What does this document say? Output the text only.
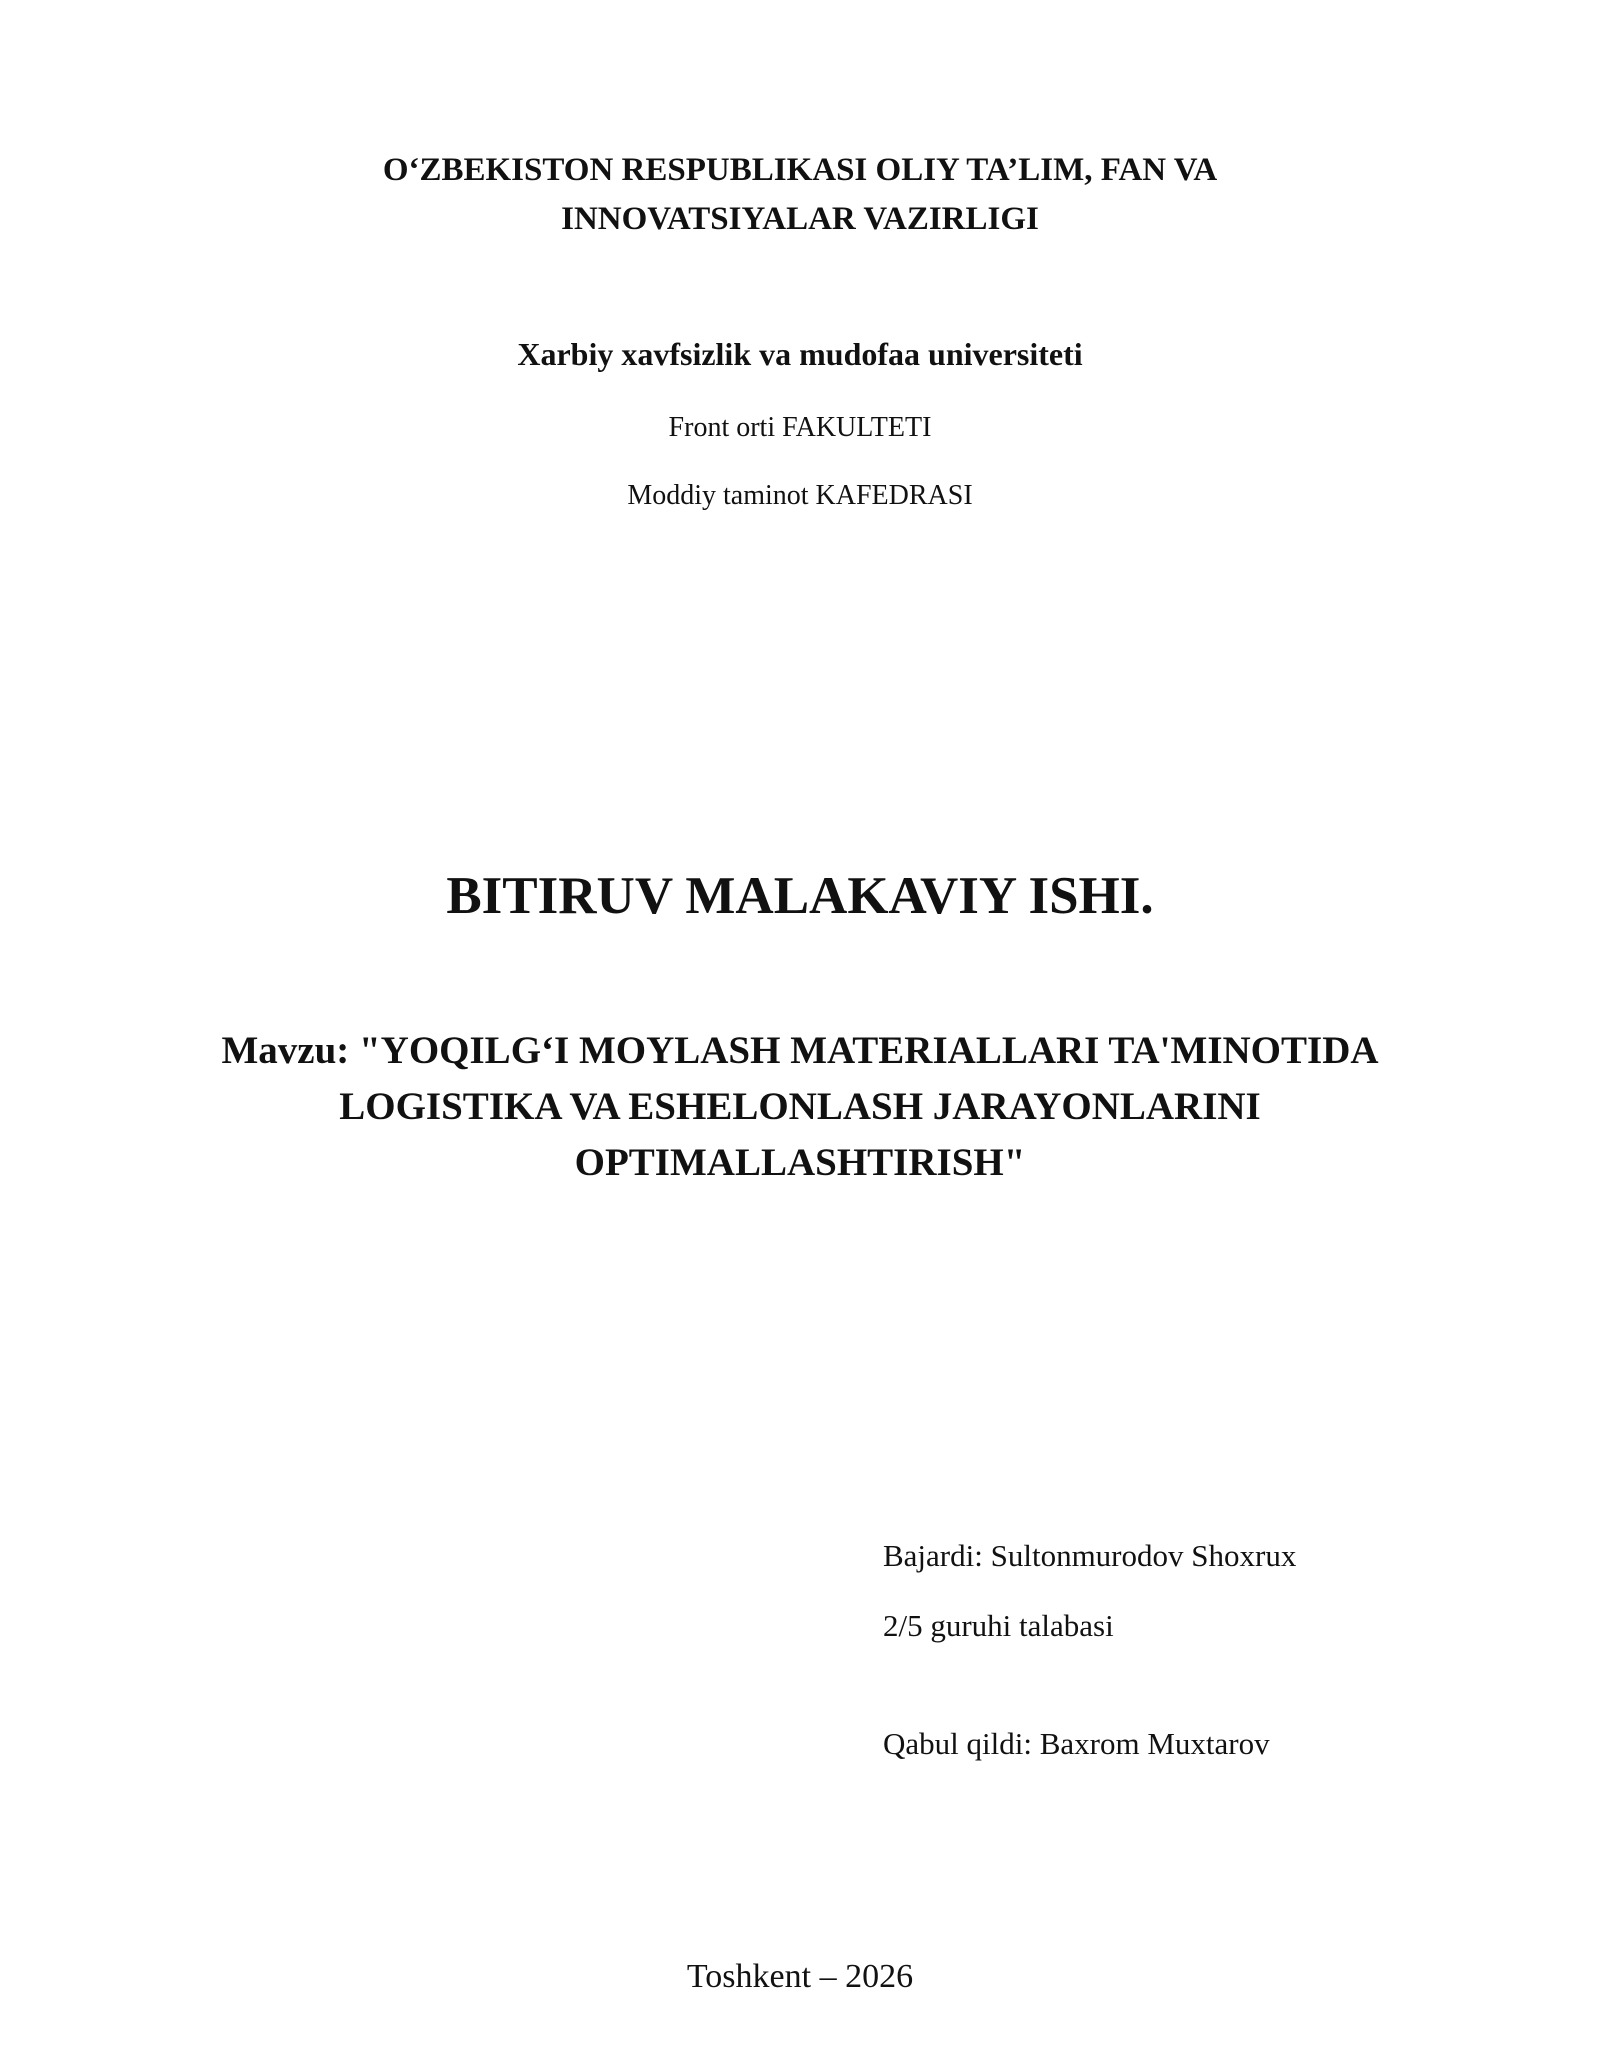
O‘ZBEKISTON RESPUBLIKASI OLIY TA’LIM, FAN VA
INNOVATSIYALAR VAZIRLIGI
Xarbiy xavfsizlik va mudofaa universiteti
Front orti FAKULTETI
Moddiy taminot KAFEDRASI
BITIRUV MALAKAVIY ISHI.
Mavzu: "YOQILG‘I MOYLASH MATERIALLARI TA'MINOTIDA
LOGISTIKA VA ESHELONLASH JARAYONLARINI
OPTIMALLASHTIRISH"
Bajardi: Sultonmurodov Shoxrux
2/5 guruhi talabasi
Qabul qildi: Baxrom Muxtarov
Toshkent – 2026
